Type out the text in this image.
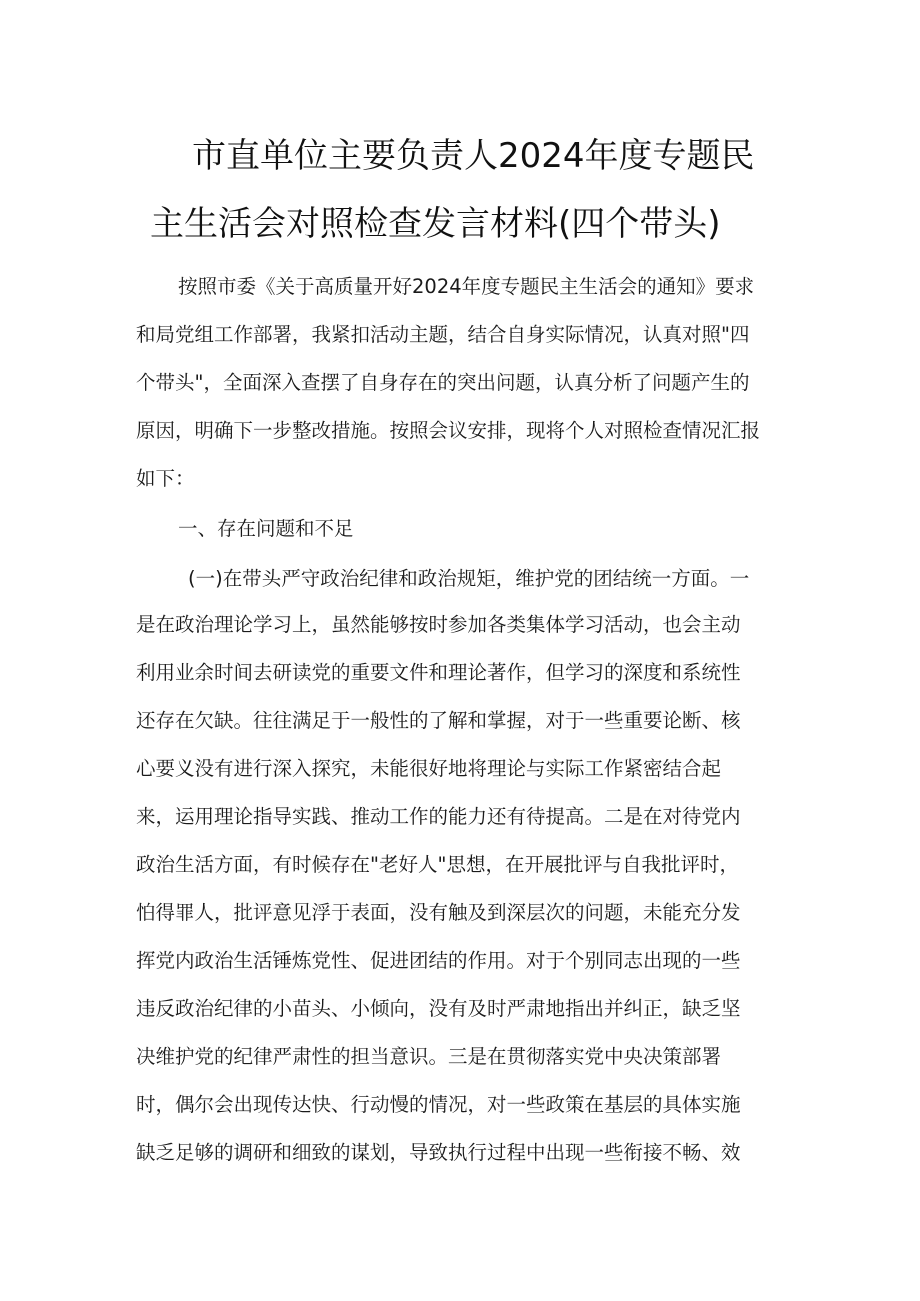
市直单位主要负责人2024年度专题民
主生活会对照检查发言材料(四个带头)
按照市委《关于高质量开好2024年度专题民主生活会的通知》要求
和局党组工作部署，我紧扣活动主题，结合自身实际情况，认真对照"四
个带头"，全面深入查摆了自身存在的突出问题，认真分析了问题产生的
原因，明确下一步整改措施。按照会议安排，现将个人对照检查情况汇报
如下：
一、存在问题和不足
(一)在带头严守政治纪律和政治规矩，维护党的团结统一方面。一
是在政治理论学习上，虽然能够按时参加各类集体学习活动，也会主动
利用业余时间去研读党的重要文件和理论著作，但学习的深度和系统性
还存在欠缺。往往满足于一般性的了解和掌握，对于一些重要论断、核
心要义没有进行深入探究，未能很好地将理论与实际工作紧密结合起
来，运用理论指导实践、推动工作的能力还有待提高。二是在对待党内
政治生活方面，有时候存在"老好人"思想，在开展批评与自我批评时，
怕得罪人，批评意见浮于表面，没有触及到深层次的问题，未能充分发
挥党内政治生活锤炼党性、促进团结的作用。对于个别同志出现的一些
违反政治纪律的小苗头、小倾向，没有及时严肃地指出并纠正，缺乏坚
决维护党的纪律严肃性的担当意识。三是在贯彻落实党中央决策部署
时，偶尔会出现传达快、行动慢的情况，对一些政策在基层的具体实施
缺乏足够的调研和细致的谋划，导致执行过程中出现一些衔接不畅、效
